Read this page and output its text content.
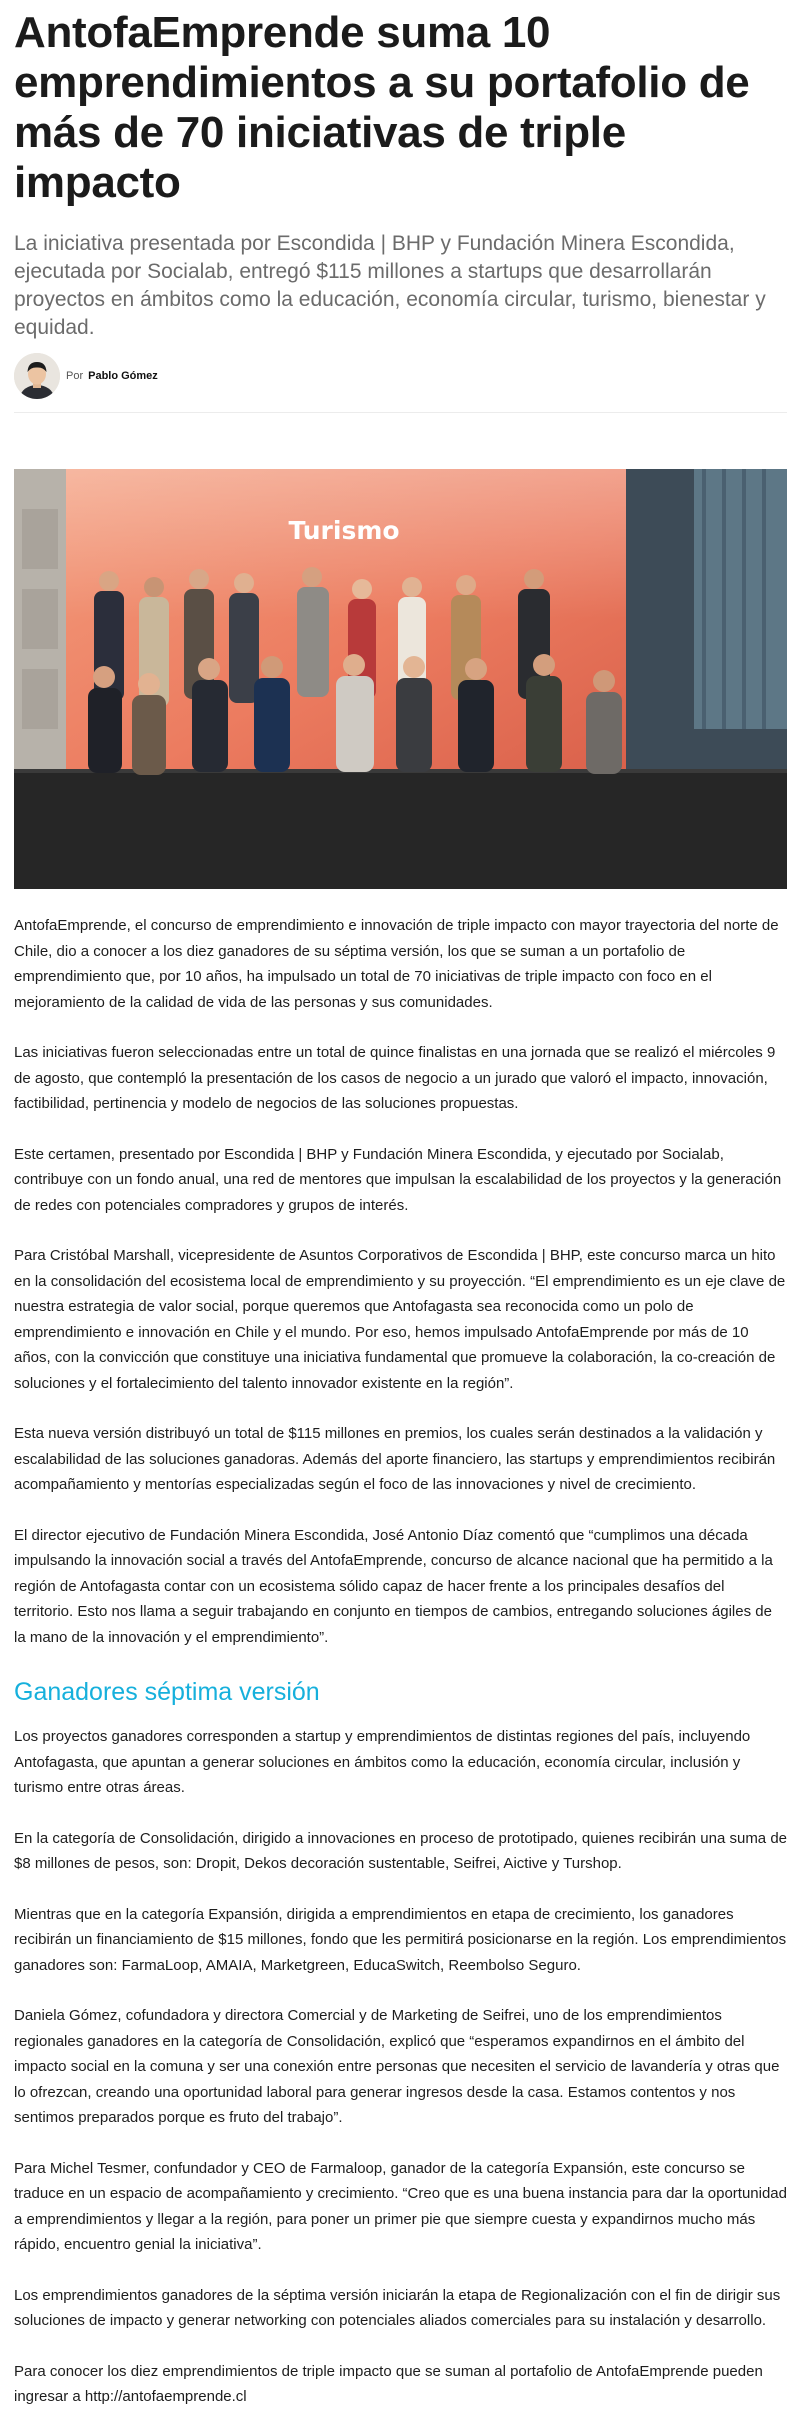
AntofaEmprende suma 10 emprendimientos a su portafolio de más de 70 iniciativas de triple impacto

La iniciativa presentada por Escondida | BHP y Fundación Minera Escondida, ejecutada por Socialab, entregó $115 millones a startups que desarrollarán proyectos en ámbitos como la educación, economía circular, turismo, bienestar y equidad.

Por Pablo Gómez
Turismo

AntofaEmprende, el concurso de emprendimiento e innovación de triple impacto con mayor trayectoria del norte de Chile, dio a conocer a los diez ganadores de su séptima versión, los que se suman a un portafolio de emprendimiento que, por 10 años, ha impulsado un total de 70 iniciativas de triple impacto con foco en el mejoramiento de la calidad de vida de las personas y sus comunidades.

Las iniciativas fueron seleccionadas entre un total de quince finalistas en una jornada que se realizó el miércoles 9 de agosto, que contempló la presentación de los casos de negocio a un jurado que valoró el impacto, innovación, factibilidad, pertinencia y modelo de negocios de las soluciones propuestas.

Este certamen, presentado por Escondida | BHP y Fundación Minera Escondida, y ejecutado por Socialab, contribuye con un fondo anual, una red de mentores que impulsan la escalabilidad de los proyectos y la generación de redes con potenciales compradores y grupos de interés.

Para Cristóbal Marshall, vicepresidente de Asuntos Corporativos de Escondida | BHP, este concurso marca un hito en la consolidación del ecosistema local de emprendimiento y su proyección. “El emprendimiento es un eje clave de nuestra estrategia de valor social, porque queremos que Antofagasta sea reconocida como un polo de emprendimiento e innovación en Chile y el mundo. Por eso, hemos impulsado AntofaEmprende por más de 10 años, con la convicción que constituye una iniciativa fundamental que promueve la colaboración, la co-creación de soluciones y el fortalecimiento del talento innovador existente en la región”.

Esta nueva versión distribuyó un total de $115 millones en premios, los cuales serán destinados a la validación y escalabilidad de las soluciones ganadoras. Además del aporte financiero, las startups y emprendimientos recibirán acompañamiento y mentorías especializadas según el foco de las innovaciones y nivel de crecimiento.

El director ejecutivo de Fundación Minera Escondida, José Antonio Díaz comentó que “cumplimos una década impulsando la innovación social a través del AntofaEmprende, concurso de alcance nacional que ha permitido a la región de Antofagasta contar con un ecosistema sólido capaz de hacer frente a los principales desafíos del territorio. Esto nos llama a seguir trabajando en conjunto en tiempos de cambios, entregando soluciones ágiles de la mano de la innovación y el emprendimiento”.

Ganadores séptima versión

Los proyectos ganadores corresponden a startup y emprendimientos de distintas regiones del país, incluyendo Antofagasta, que apuntan a generar soluciones en ámbitos como la educación, economía circular, inclusión y turismo entre otras áreas.

En la categoría de Consolidación, dirigido a innovaciones en proceso de prototipado, quienes recibirán una suma de $8 millones de pesos, son: Dropit, Dekos decoración sustentable, Seifrei, Aictive y Turshop.

Mientras que en la categoría Expansión, dirigida a emprendimientos en etapa de crecimiento, los ganadores recibirán un financiamiento de $15 millones, fondo que les permitirá posicionarse en la región. Los emprendimientos ganadores son: FarmaLoop, AMAIA, Marketgreen, EducaSwitch, Reembolso Seguro.

Daniela Gómez, cofundadora y directora Comercial y de Marketing de Seifrei, uno de los emprendimientos regionales ganadores en la categoría de Consolidación, explicó que “esperamos expandirnos en el ámbito del impacto social en la comuna y ser una conexión entre personas que necesiten el servicio de lavandería y otras que lo ofrezcan, creando una oportunidad laboral para generar ingresos desde la casa. Estamos contentos y nos sentimos preparados porque es fruto del trabajo”.

Para Michel Tesmer, confundador y CEO de Farmaloop, ganador de la categoría Expansión, este concurso se traduce en un espacio de acompañamiento y crecimiento. “Creo que es una buena instancia para dar la oportunidad a emprendimientos y llegar a la región, para poner un primer pie que siempre cuesta y expandirnos mucho más rápido, encuentro genial la iniciativa”.

Los emprendimientos ganadores de la séptima versión iniciarán la etapa de Regionalización con el fin de dirigir sus soluciones de impacto y generar networking con potenciales aliados comerciales para su instalación y desarrollo.

Para conocer los diez emprendimientos de triple impacto que se suman al portafolio de AntofaEmprende pueden ingresar a http://antofaemprende.cl
